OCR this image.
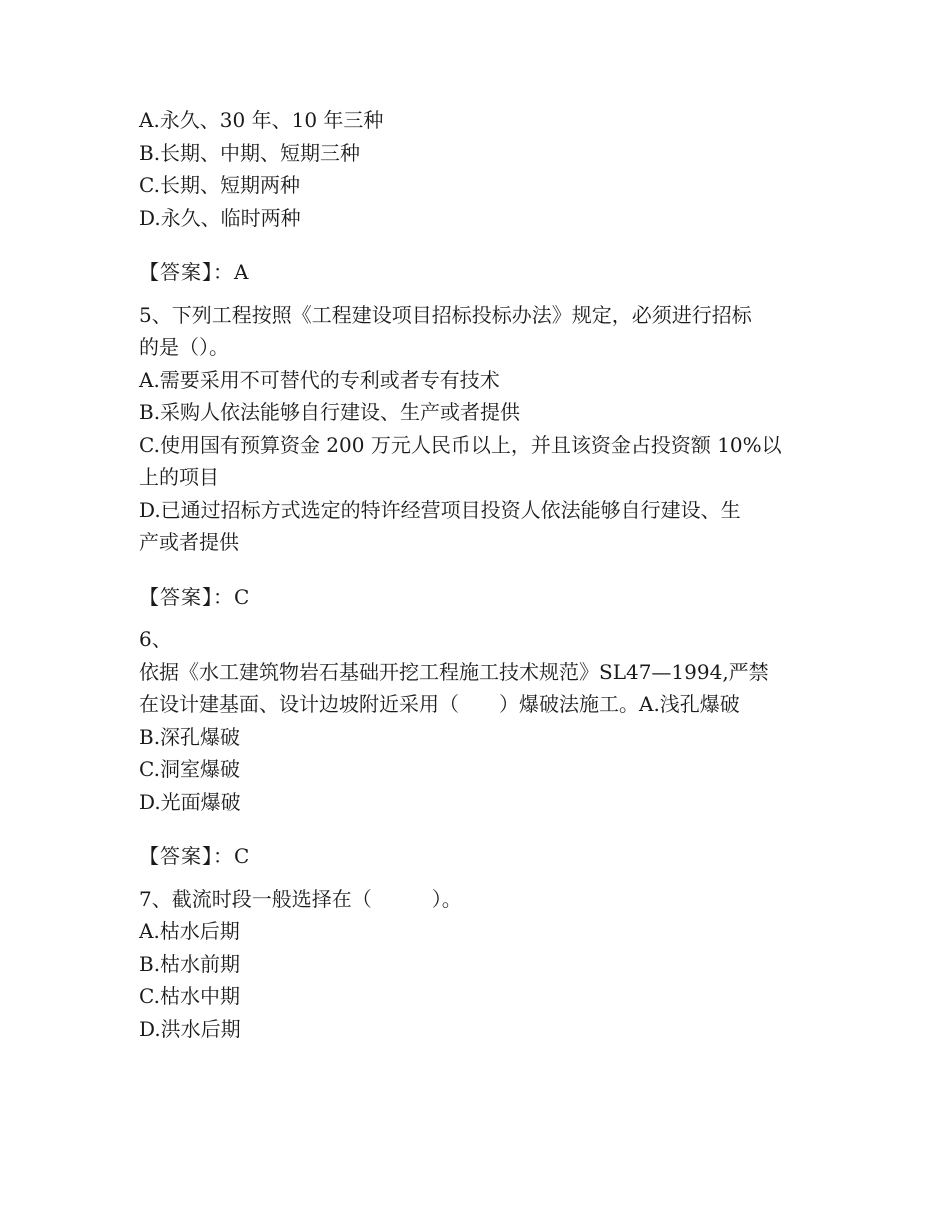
A.永久、30 年、10 年三种
B.长期、中期、短期三种
C.长期、短期两种
D.永久、临时两种
【答案】：A
5、下列工程按照《工程建设项目招标投标办法》规定，必须进行招标
的是（）。
A.需要采用不可替代的专利或者专有技术
B.采购人依法能够自行建设、生产或者提供
C.使用国有预算资金 200 万元人民币以上，并且该资金占投资额 10%以
上的项目
D.已通过招标方式选定的特许经营项目投资人依法能够自行建设、生
产或者提供
【答案】：C
6、
依据《水工建筑物岩石基础开挖工程施工技术规范》SL47—1994,严禁
在设计建基面、设计边坡附近采用（　　）爆破法施工。A.浅孔爆破
B.深孔爆破
C.洞室爆破
D.光面爆破
【答案】：C
7、截流时段一般选择在（　　　）。
A.枯水后期
B.枯水前期
C.枯水中期
D.洪水后期
